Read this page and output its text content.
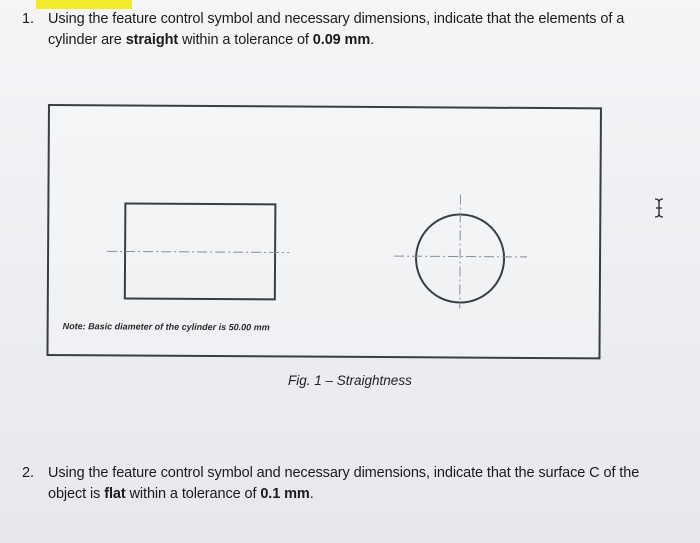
1. Using the feature control symbol and necessary dimensions, indicate that the elements of a cylinder are straight within a tolerance of 0.09 mm.
Note: Basic diameter of the cylinder is 50.00 mm
Fig. 1 – Straightness
2. Using the feature control symbol and necessary dimensions, indicate that the surface C of the object is flat within a tolerance of 0.1 mm.
